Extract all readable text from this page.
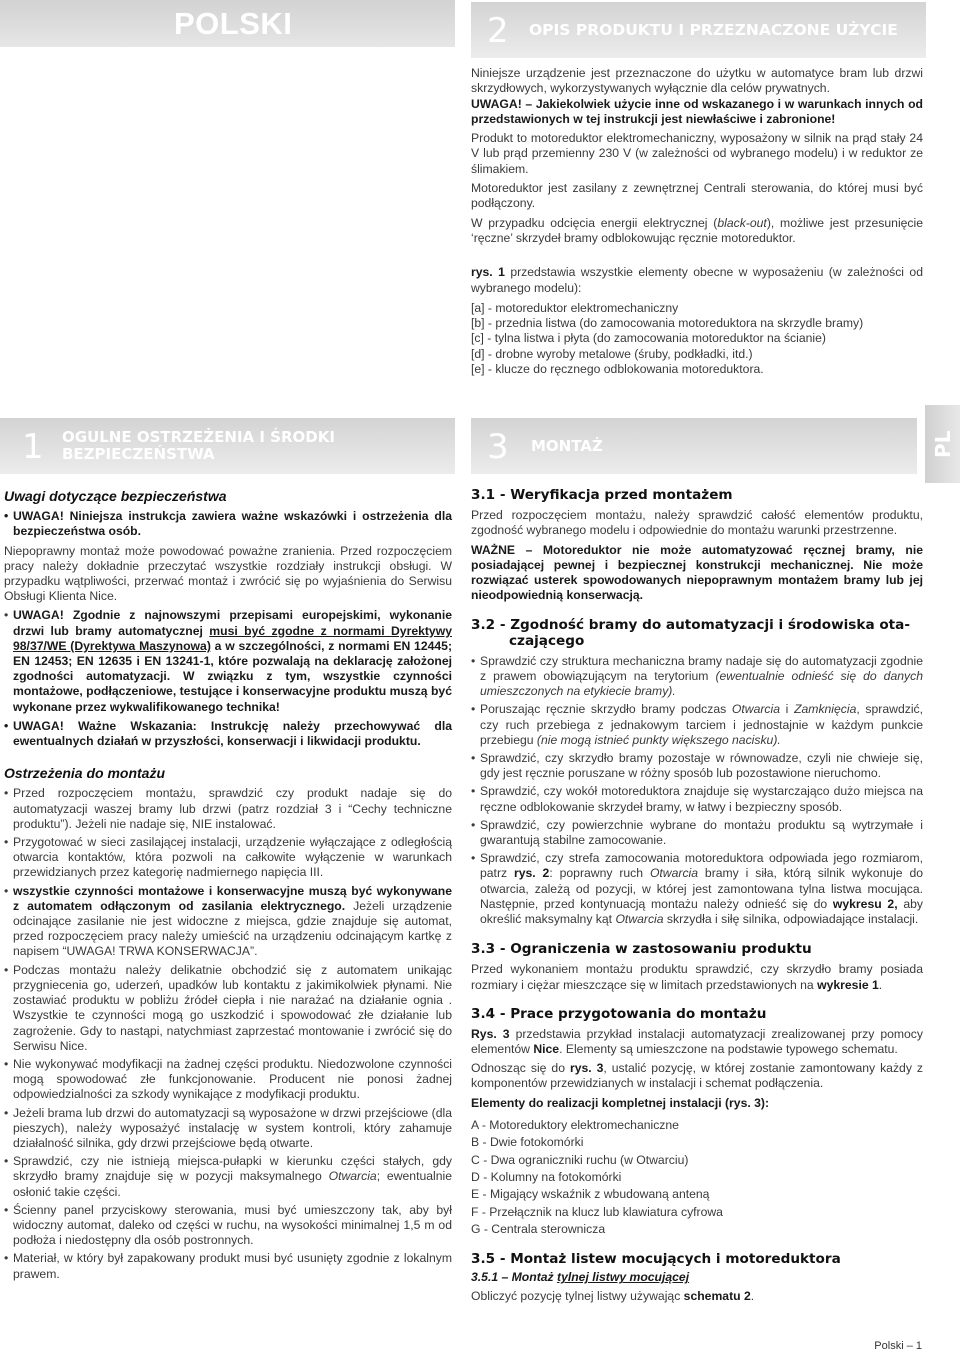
POLSKI	2 OPIS PRODUKTU I PRZEZNACZONE UŻYCIE

Niniejsze urządzenie jest przeznaczone do użytku w automatyce bram lub drzwi skrzydłowych, wykorzystywanych wyłącznie dla celów prywatnych.

UWAGA! – Jakiekolwiek użycie inne od wskazanego i w warunkach innych od przedstawionych w tej instrukcji jest niewłaściwe i zabronione!

Produkt to motoreduktor elektromechaniczny, wyposażony w silnik na prąd stały 24 V lub prąd przemienny 230 V (w zależności od wybranego modelu) i w reduktor ze ślimakiem.

Motoreduktor jest zasilany z zewnętrznej Centrali sterowania, do której musi być podłączony.

W przypadku odcięcia energii elektrycznej (black-out), możliwe jest przesunięcie ‘ręczne’ skrzydeł bramy odblokowując ręcznie motoreduktor.

rys. 1 przedstawia wszystkie elementy obecne w wyposażeniu (w zależności od wybranego modelu):

[a] - motoreduktor elektromechaniczny

[b] - przednia listwa (do zamocowania motoreduktora na skrzydle bramy)

[c] - tylna listwa i płyta (do zamocowania motoreduktor na ścianie)

[d] - drobne wyroby metalowe (śruby, podkładki, itd.)

[e] - klucze do ręcznego odblokowania motoreduktora.

1 OGULNE OSTRZEŻENIA I ŚRODKI
BEZPIECZEŃSTWA	3 MONTAŻ	PL

Uwagi dotyczące bezpieczeństwa

• UWAGA! Niniejsza instrukcja zawiera ważne wskazówki i ostrzeżenia dla bezpieczeństwa osób.

Niepoprawny montaż może powodować poważne zranienia. Przed rozpoczęciem pracy należy dokładnie przeczytać wszystkie rozdziały instrukcji obsługi. W przypadku wątpliwości, przerwać montaż i zwrócić się po wyjaśnienia do Serwisu Obsługi Klienta Nice.

• UWAGA! Zgodnie z najnowszymi przepisami europejskimi, wykonanie drzwi lub bramy automatycznej musi być zgodne z normami Dyrektywy 98/37/WE (Dyrektywa Maszynowa) a w szczególności, z normami EN 12445; EN 12453; EN 12635 i EN 13241-1, które pozwalają na deklarację założonej zgodności automatyzacji. W związku z tym, wszystkie czynności montażowe, podłączeniowe, testujące i konserwacyjne produktu muszą być wykonane przez wykwalifikowanego technika!

• UWAGA! Ważne Wskazania: Instrukcję należy przechowywać dla ewentualnych działań w przyszłości, konserwacji i likwidacji produktu.

Ostrzeżenia do montażu

• Przed rozpoczęciem montażu, sprawdzić czy produkt nadaje się do automatyzacji waszej bramy lub drzwi (patrz rozdział 3 i “Cechy techniczne produktu”). Jeżeli nie nadaje się, NIE instalować.

• Przygotować w sieci zasilającej instalacji, urządzenie wyłączające z odległością otwarcia kontaktów, która pozwoli na całkowite wyłączenie w warunkach przewidzianych przez kategorię nadmiernego napięcia III.

• wszystkie czynności montażowe i konserwacyjne muszą być wykonywane z automatem odłączonym od zasilania elektrycznego. Jeżeli urządzenie odcinające zasilanie nie jest widoczne z miejsca, gdzie znajduje się automat, przed rozpoczęciem pracy należy umieścić na urządzeniu odcinającym kartkę z napisem “UWAGA! TRWA KONSERWACJA”.

• Podczas montażu należy delikatnie obchodzić się z automatem unikając przygniecenia go, uderzeń, upadków lub kontaktu z jakimikolwiek płynami. Nie zostawiać produktu w pobliżu źródeł ciepła i nie narażać na działanie ognia . Wszystkie te czynności mogą go uszkodzić i spowodować złe działanie lub zagrożenie. Gdy to nastąpi, natychmiast zaprzestać montowanie i zwrócić się do Serwisu Nice.

• Nie wykonywać modyfikacji na żadnej części produktu. Niedozwolone czynności mogą spowodować złe funkcjonowanie. Producent nie ponosi żadnej odpowiedzialności za szkody wynikające z modyfikacji produktu.

• Jeżeli brama lub drzwi do automatyzacji są wyposażone w drzwi przejściowe (dla pieszych), należy wyposażyć instalację w system kontroli, który zahamuje działalność silnika, gdy drzwi przejściowe będą otwarte.

• Sprawdzić, czy nie istnieją miejsca-pułapki w kierunku części stałych, gdy skrzydło bramy znajduje się w pozycji maksymalnego Otwarcia; ewentualnie osłonić takie części.

• Ścienny panel przyciskowy sterowania, musi być umieszczony tak, aby był widoczny automat, daleko od części w ruchu, na wysokości minimalnej 1,5 m od podłoża i niedostępny dla osób postronnych.

• Materiał, w który był zapakowany produkt musi być usunięty zgodnie z lokalnym prawem.

3.1 - Weryfikacja przed montażem

Przed rozpoczęciem montażu, należy sprawdzić całość elementów produktu, zgodność wybranego modelu i odpowiednie do montażu warunki przestrzenne.

WAŻNE – Motoreduktor nie może automatyzować ręcznej bramy, nie posiadającej pewnej i bezpiecznej konstrukcji mechanicznej. Nie może rozwiązać usterek spowodowanych niepoprawnym montażem bramy lub jej nieodpowiednią konserwacją.

3.2 - Zgodność bramy do automatyzacji i środowiska ota-

czającego

• Sprawdzić czy struktura mechaniczna bramy nadaje się do automatyzacji zgodnie z prawem obowiązującym na terytorium (ewentualnie odnieść się do danych umieszczonych na etykiecie bramy).

• Poruszając ręcznie skrzydło bramy podczas Otwarcia i Zamknięcia, sprawdzić, czy ruch przebiega z jednakowym tarciem i jednostajnie w każdym punkcie przebiegu (nie mogą istnieć punkty większego nacisku).

• Sprawdzić, czy skrzydło bramy pozostaje w równowadze, czyli nie chwieje się, gdy jest ręcznie poruszane w różny sposób lub pozostawione nieruchomo.

• Sprawdzić, czy wokół motoreduktora znajduje się wystarczająco dużo miejsca na ręczne odblokowanie skrzydeł bramy, w łatwy i bezpieczny sposób.

• Sprawdzić, czy powierzchnie wybrane do montażu produktu są wytrzymałe i gwarantują stabilne zamocowanie.

• Sprawdzić, czy strefa zamocowania motoreduktora odpowiada jego rozmiarom, patrz rys. 2: poprawny ruch Otwarcia bramy i siła, którą silnik wykonuje do otwarcia, zależą od pozycji, w której jest zamontowana tylna listwa mocująca. Następnie, przed kontynuacją montażu należy odnieść się do wykresu 2, aby określić maksymalny kąt Otwarcia skrzydła i siłę silnika, odpowiadające instalacji.

3.3 - Ograniczenia w zastosowaniu produktu

Przed wykonaniem montażu produktu sprawdzić, czy skrzydło bramy posiada rozmiary i ciężar mieszczące się w limitach przedstawionych na wykresie 1.

3.4 - Prace przygotowania do montażu

Rys. 3 przedstawia przykład instalacji automatyzacji zrealizowanej przy pomocy elementów Nice. Elementy są umieszczone na podstawie typowego schematu.

Odnosząc się do rys. 3, ustalić pozycję, w której zostanie zamontowany każdy z komponentów przewidzianych w instalacji i schemat podłączenia.

Elementy do realizacji kompletnej instalacji (rys. 3):

A - Motoreduktory elektromechaniczne

B - Dwie fotokomórki

C - Dwa ograniczniki ruchu (w Otwarciu)

D - Kolumny na fotokomórki

E - Migający wskaźnik z wbudowaną anteną

F - Przełącznik na klucz lub klawiatura cyfrowa

G - Centrala sterownicza

3.5 - Montaż listew mocujących i motoreduktora

3.5.1 – Montaż tylnej listwy mocującej

Obliczyć pozycję tylnej listwy używając schematu 2.

Polski – 1
